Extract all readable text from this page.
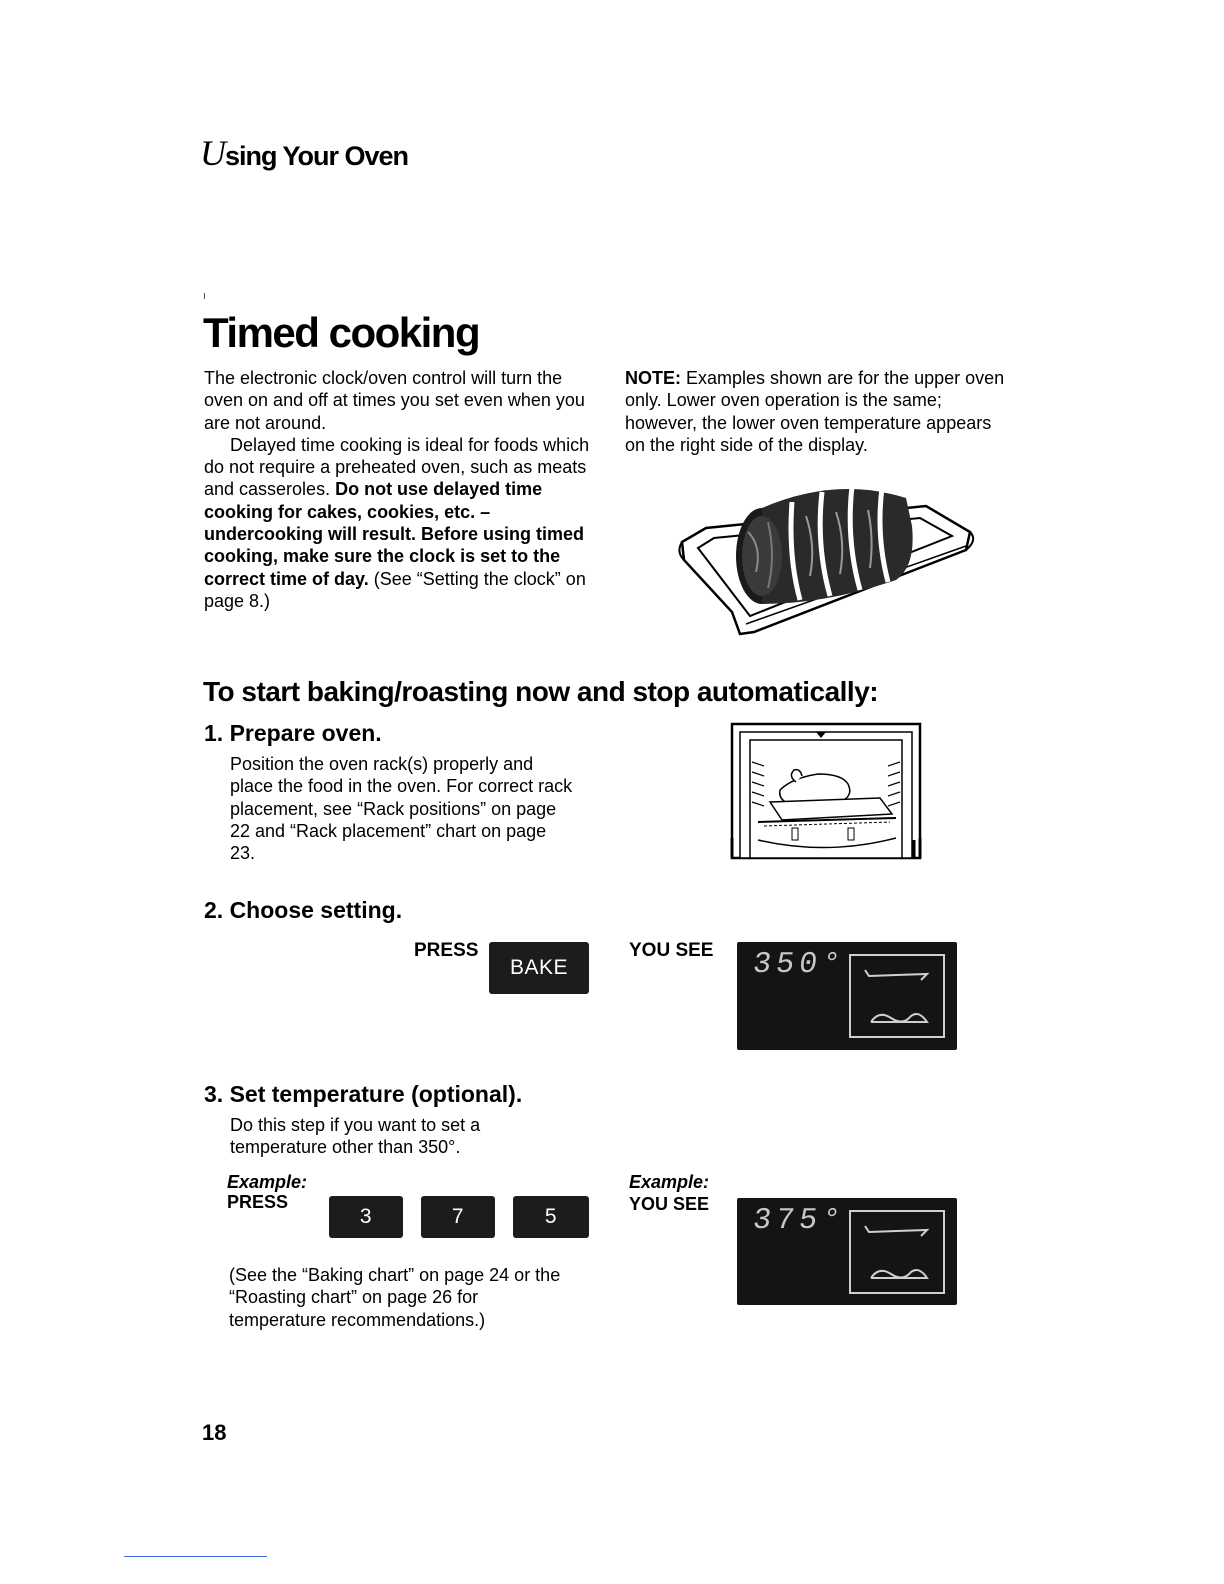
Using Your Oven
Timed cooking

The electronic clock/oven control will turn the oven on and off at times you set even when you are not around.

Delayed time cooking is ideal for foods which do not require a preheated oven, such as meats and casseroles. Do not use delayed time cooking for cakes, cookies, etc. – undercooking will result. Before using timed cooking, make sure the clock is set to the correct time of day. (See “Setting the clock” on page 8.)

NOTE: Examples shown are for the upper oven only. Lower oven operation is the same; however, the lower oven temperature appears on the right side of the display.

To start baking/roasting now and stop automatically:
1. Prepare oven.
Position the oven rack(s) properly and place the food in the oven. For correct rack placement, see “Rack positions” on page 22 and “Rack placement” chart on page 23.
2. Choose setting.
PRESS
BAKE
YOU SEE 350°
3. Set temperature (optional).
Do this step if you want to set a temperature other than 350°.
Example:
PRESS
3	7	5
Example:
YOU SEE 375°
(See the “Baking chart” on page 24 or the “Roasting chart” on page 26 for temperature recommendations.)
18
